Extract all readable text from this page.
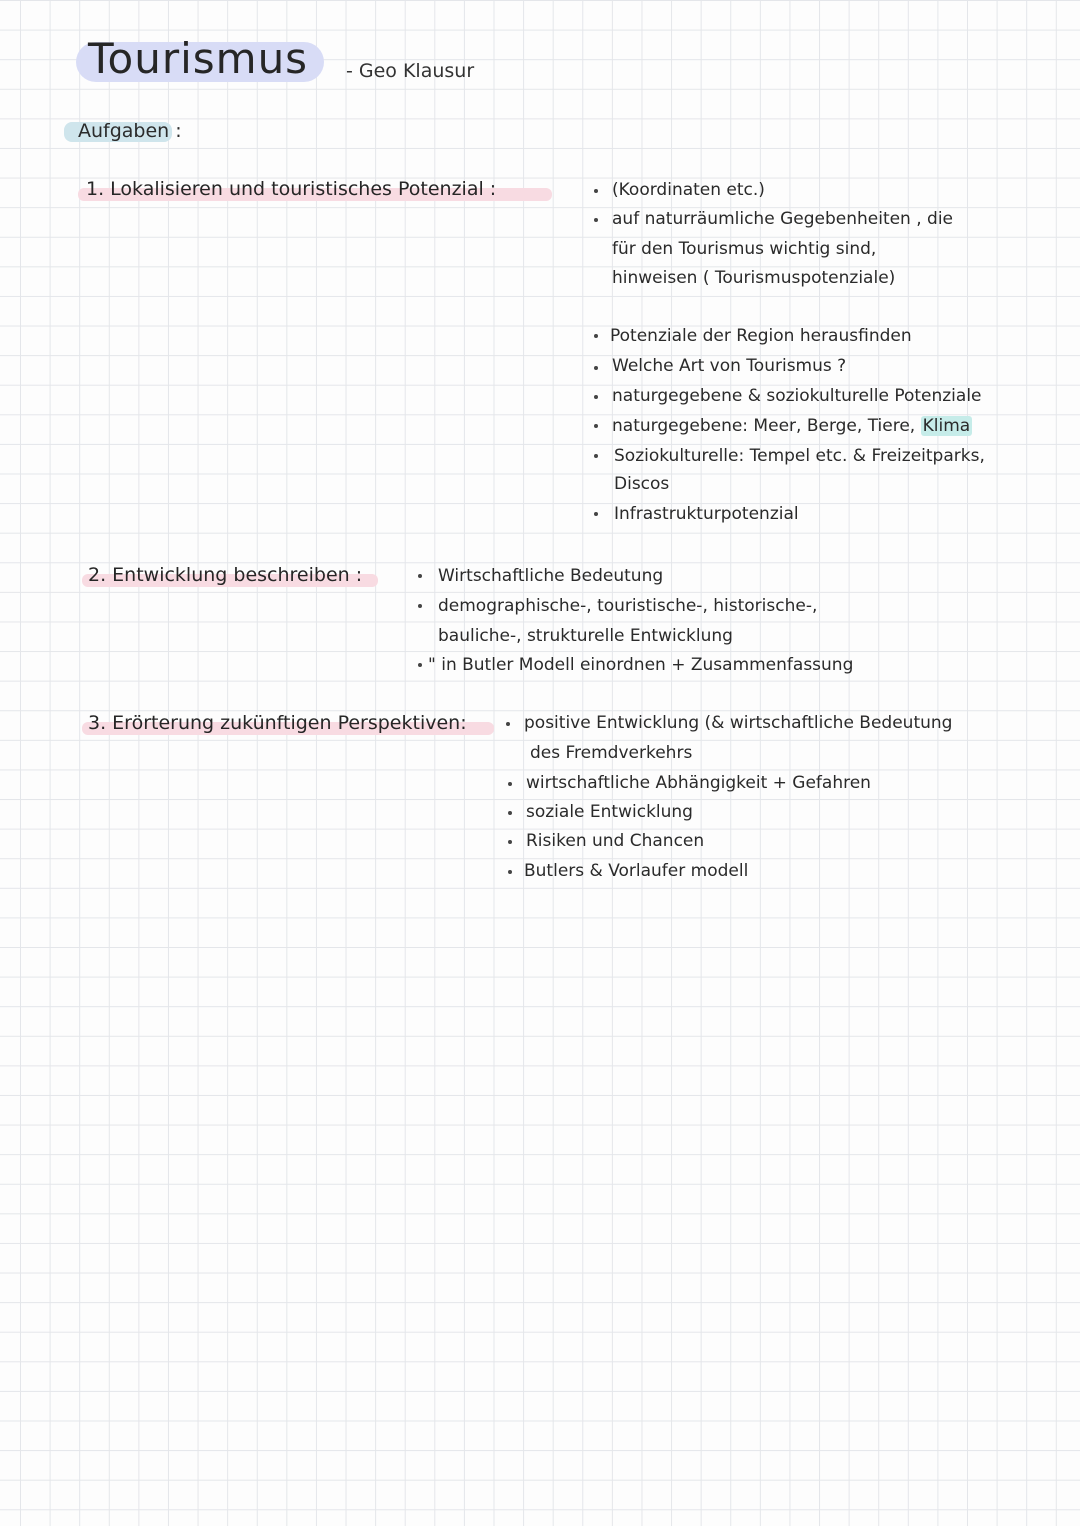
Tourismus - Geo Klausur
Aufgaben :
1. Lokalisieren und touristisches Potenzial :	(Koordinaten etc.)
auf naturräumliche Gegebenheiten , die
für den Tourismus wichtig sind,
hinweisen ( Tourismuspotenziale)
Potenziale der Region herausfinden
Welche Art von Tourismus ?
naturgegebene & soziokulturelle Potenziale
naturgegebene: Meer, Berge, Tiere, Klima
Soziokulturelle: Tempel etc. & Freizeitparks,
Discos
Infrastrukturpotenzial
2. Entwicklung beschreiben :	Wirtschaftliche Bedeutung
demographische-, touristische-, historische-,
bauliche-, strukturelle Entwicklung
" in Butler Modell einordnen + Zusammenfassung
3. Erörterung zukünftigen Perspektiven:	positive Entwicklung (& wirtschaftliche Bedeutung
des Fremdverkehrs
wirtschaftliche Abhängigkeit + Gefahren
soziale Entwicklung
Risiken und Chancen
Butlers & Vorlaufer modell
